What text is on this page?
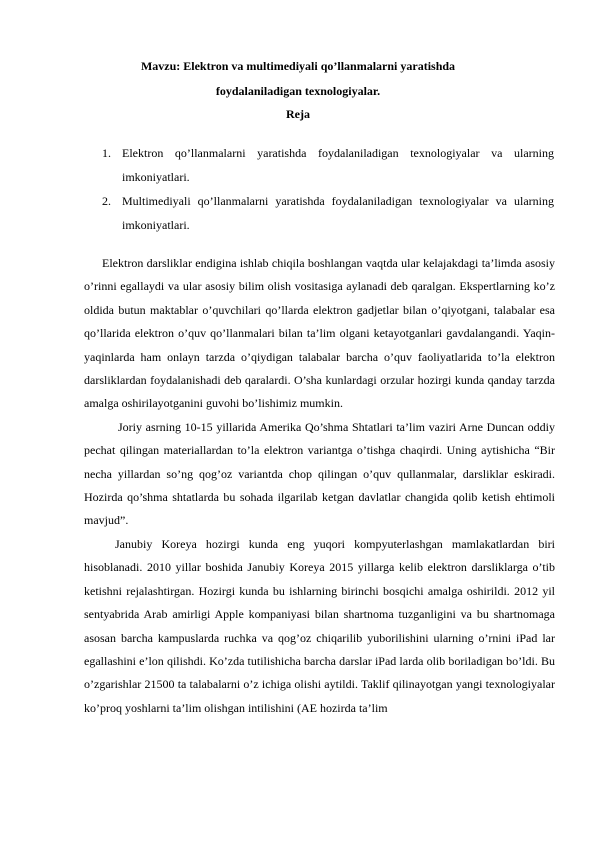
Mavzu: Elektron va multimediyali qo’llanmalarni yaratishda
foydalaniladigan texnologiyalar.
Reja
1. Elektron qo’llanmalarni yaratishda foydalaniladigan texnologiyalar va ularning imkoniyatlari.
2. Multimediyali qo’llanmalarni yaratishda foydalaniladigan texnologiyalar va ularning imkoniyatlari.

Elektron darsliklar endigina ishlab chiqila boshlangan vaqtda ular kelajakdagi ta’limda asosiy o’rinni egallaydi va ular asosiy bilim olish vositasiga aylanadi deb qaralgan. Ekspertlarning ko’z oldida butun maktablar o’quvchilari qo’llarda elektron gadjetlar bilan o’qiyotgani, talabalar esa qo’llarida elektron o’quv qo’llanmalari bilan ta’lim olgani ketayotganlari gavdalangandi. Yaqin-yaqinlarda ham onlayn tarzda o’qiydigan talabalar barcha o’quv faoliyatlarida to’la elektron darsliklardan foydalanishadi deb qaralardi. O’sha kunlardagi orzular hozirgi kunda qanday tarzda amalga oshirilayotganini guvohi bo’lishimiz mumkin.

Joriy asrning 10-15 yillarida Amerika Qo’shma Shtatlari ta’lim vaziri Arne Duncan oddiy pechat qilingan materiallardan to’la elektron variantga o’tishga chaqirdi. Uning aytishicha “Bir necha yillardan so’ng qog’oz variantda chop qilingan o’quv qullanmalar, darsliklar eskiradi. Hozirda qo’shma shtatlarda bu sohada ilgarilab ketgan davlatlar changida qolib ketish ehtimoli mavjud”.

Janubiy Koreya hozirgi kunda eng yuqori kompyuterlashgan mamlakatlardan biri hisoblanadi. 2010 yillar boshida Janubiy Koreya 2015 yillarga kelib elektron darsliklarga o’tib ketishni rejalashtirgan. Hozirgi kunda bu ishlarning birinchi bosqichi amalga oshirildi. 2012 yil sentyabrida Arab amirligi Apple kompaniyasi bilan shartnoma tuzganligini va bu shartnomaga asosan barcha kampuslarda ruchka va qog’oz chiqarilib yuborilishini ularning o’rnini iPad lar egallashini e’lon qilishdi. Ko’zda tutilishicha barcha darslar iPad larda olib boriladigan bo’ldi. Bu o’zgarishlar 21500 ta talabalarni o’z ichiga olishi aytildi. Taklif qilinayotgan yangi texnologiyalar ko’proq yoshlarni ta’lim olishgan intilishini (AE hozirda ta’lim
